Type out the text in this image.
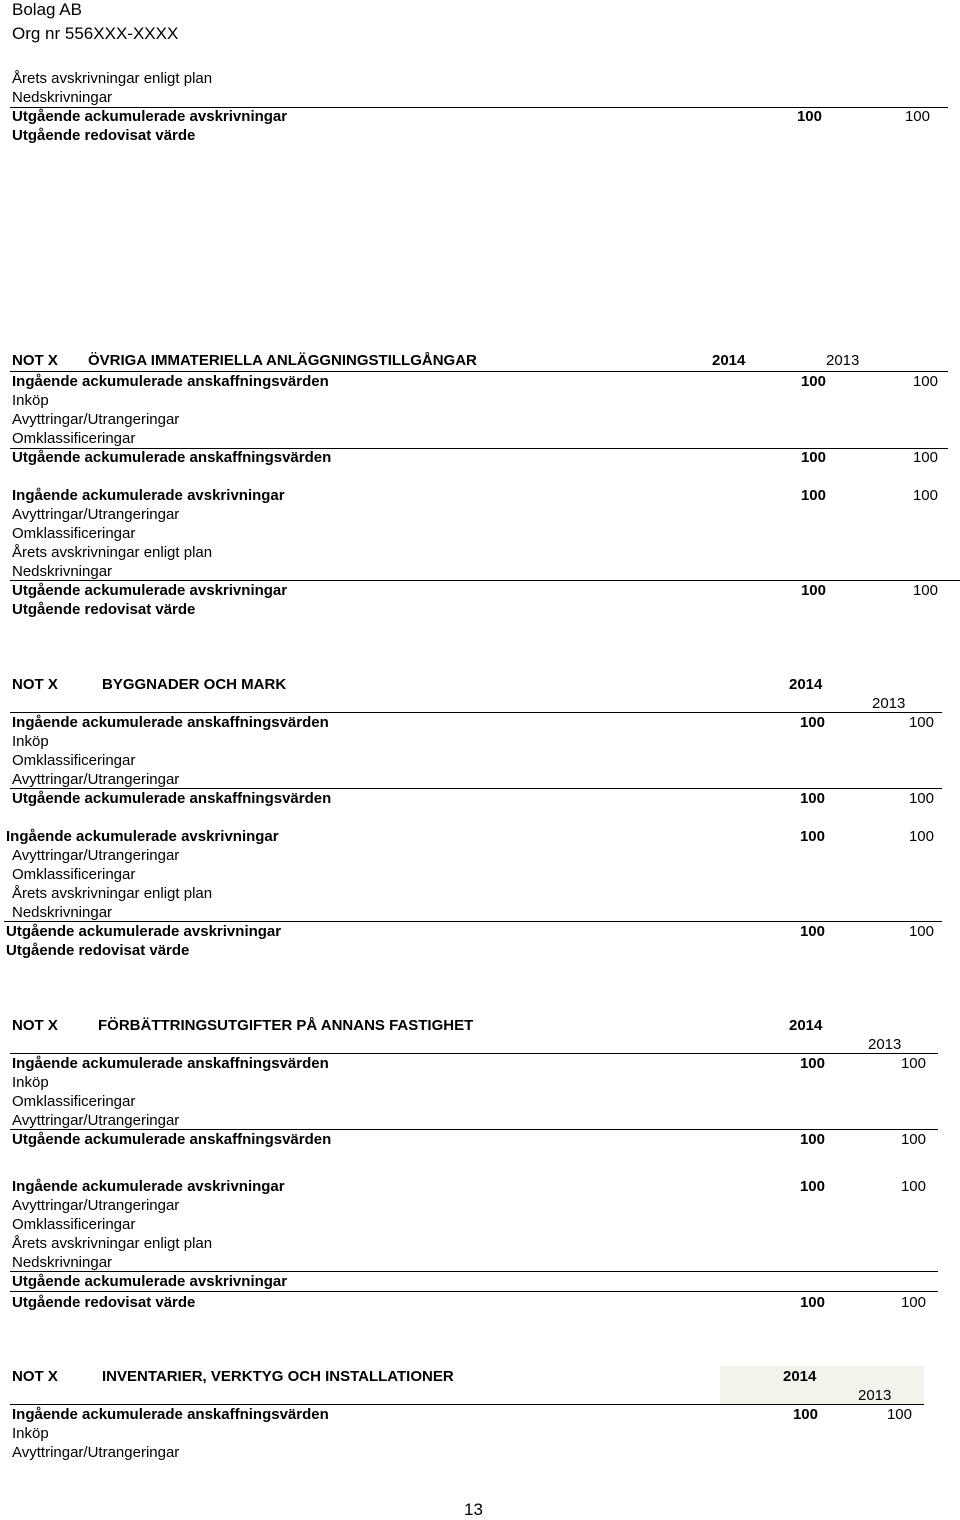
Bolag AB
Org nr 556XXX-XXXX
Årets avskrivningar enligt plan
Nedskrivningar
Utgående ackumulerade avskrivningar	100	100
Utgående redovisat värde
NOT X ÖVRIGA IMMATERIELLA ANLÄGGNINGSTILLGÅNGAR	2014	2013
Ingående ackumulerade anskaffningsvärden	100	100
Inköp
Avyttringar/Utrangeringar
Omklassificeringar
Utgående ackumulerade anskaffningsvärden	100	100
Ingående ackumulerade avskrivningar	100	100
Avyttringar/Utrangeringar
Omklassificeringar
Årets avskrivningar enligt plan
Nedskrivningar
Utgående ackumulerade avskrivningar	100	100
Utgående redovisat värde
NOT X	BYGGNADER OCH MARK	2014
2013
Ingående ackumulerade anskaffningsvärden	100	100
Inköp
Omklassificeringar
Avyttringar/Utrangeringar
Utgående ackumulerade anskaffningsvärden	100	100
Ingående ackumulerade avskrivningar	100	100
Avyttringar/Utrangeringar
Omklassificeringar
Årets avskrivningar enligt plan
Nedskrivningar
Utgående ackumulerade avskrivningar	100	100
Utgående redovisat värde
NOT X	FÖRBÄTTRINGSUTGIFTER PÅ ANNANS FASTIGHET	2014
2013
Ingående ackumulerade anskaffningsvärden	100	100
Inköp
Omklassificeringar
Avyttringar/Utrangeringar
Utgående ackumulerade anskaffningsvärden	100	100
Ingående ackumulerade avskrivningar	100	100
Avyttringar/Utrangeringar
Omklassificeringar
Årets avskrivningar enligt plan
Nedskrivningar
Utgående ackumulerade avskrivningar
Utgående redovisat värde	100	100
NOT X	INVENTARIER, VERKTYG OCH INSTALLATIONER	2014
2013
Ingående ackumulerade anskaffningsvärden	100	100
Inköp
Avyttringar/Utrangeringar
13
